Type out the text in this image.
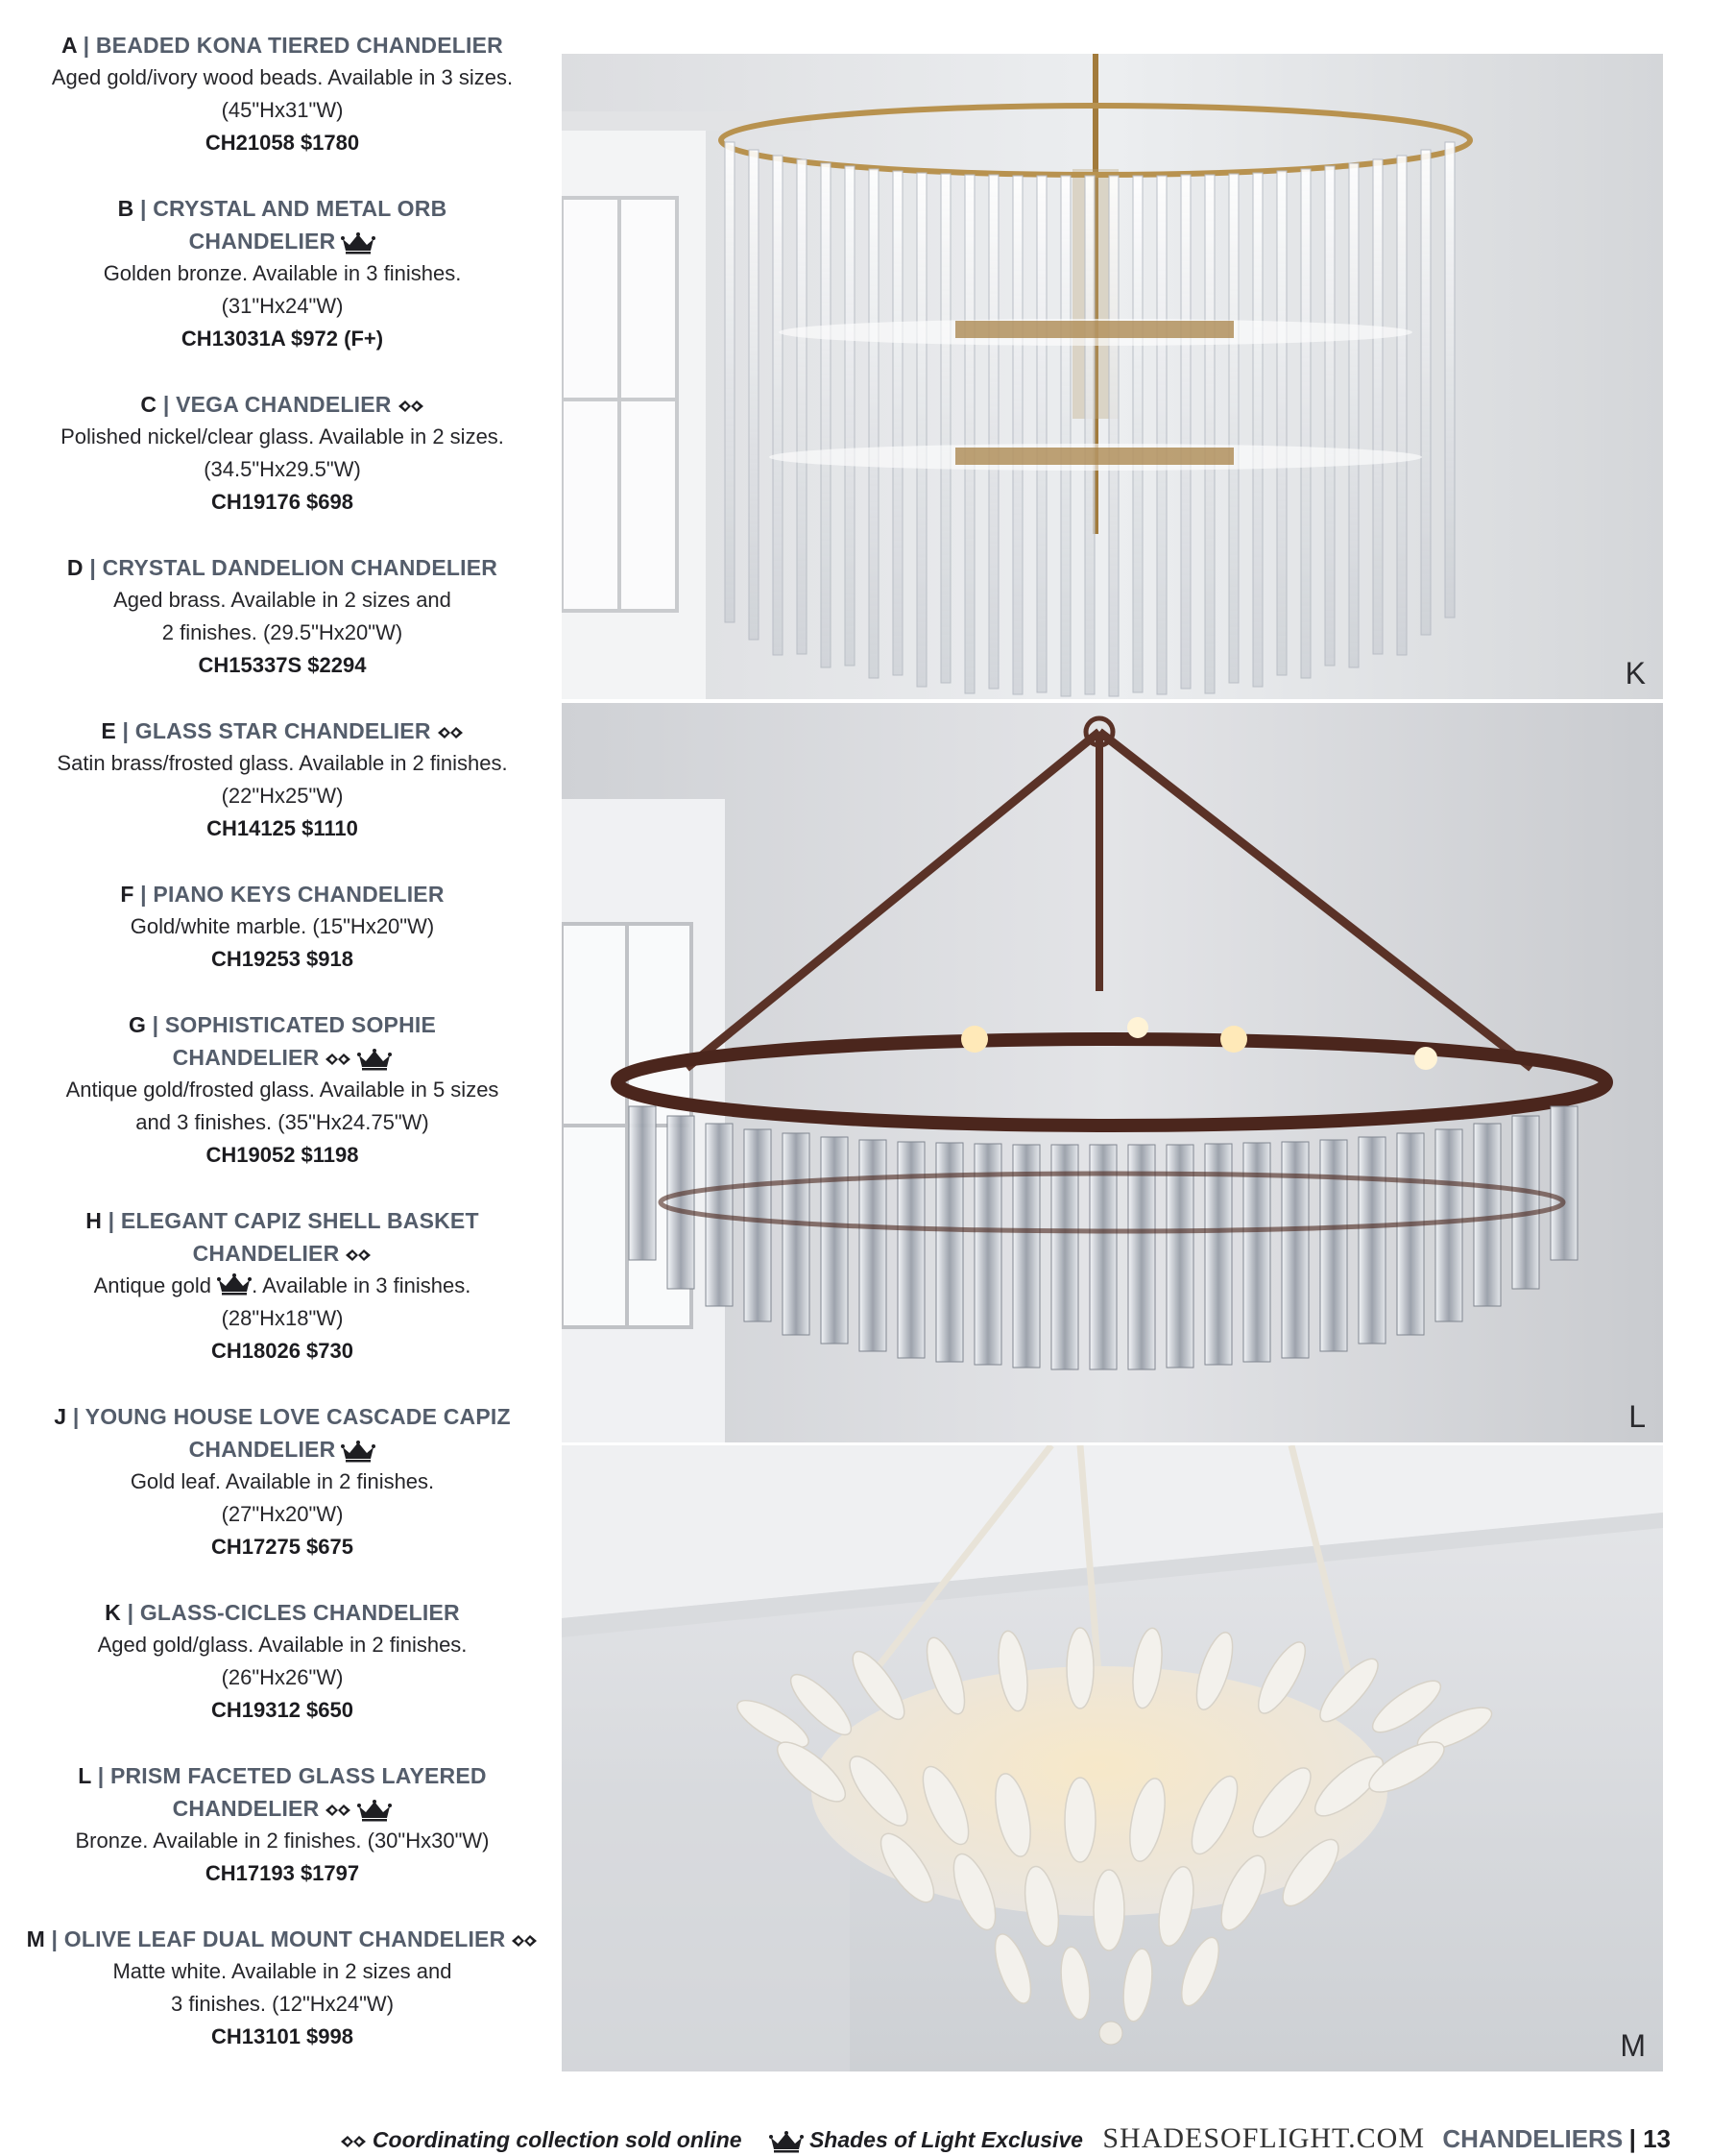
A | BEADED KONA TIERED CHANDELIER
Aged gold/ivory wood beads. Available in 3 sizes.
(45"Hx31"W)
CH21058 $1780
B | CRYSTAL AND METAL ORB
CHANDELIER
Golden bronze. Available in 3 finishes.
(31"Hx24"W)
CH13031A $972 (F+)
C | VEGA CHANDELIER
Polished nickel/clear glass. Available in 2 sizes.
(34.5"Hx29.5"W)
CH19176 $698
D | CRYSTAL DANDELION CHANDELIER
Aged brass. Available in 2 sizes and
2 finishes. (29.5"Hx20"W)
CH15337S $2294
E | GLASS STAR CHANDELIER
Satin brass/frosted glass. Available in 2 finishes.
(22"Hx25"W)
CH14125 $1110
F | PIANO KEYS CHANDELIER
Gold/white marble. (15"Hx20"W)
CH19253 $918
G | SOPHISTICATED SOPHIE
CHANDELIER
Antique gold/frosted glass. Available in 5 sizes
and 3 finishes. (35"Hx24.75"W)
CH19052 $1198
H | ELEGANT CAPIZ SHELL BASKET
CHANDELIER
Antique gold . Available in 3 finishes.
(28"Hx18"W)
CH18026 $730
J | YOUNG HOUSE LOVE CASCADE CAPIZ
CHANDELIER
Gold leaf. Available in 2 finishes.
(27"Hx20"W)
CH17275 $675
K | GLASS-CICLES CHANDELIER
Aged gold/glass. Available in 2 finishes.
(26"Hx26"W)
CH19312 $650
L | PRISM FACETED GLASS LAYERED
CHANDELIER
Bronze. Available in 2 finishes. (30"Hx30"W)
CH17193 $1797
M | OLIVE LEAF DUAL MOUNT CHANDELIER
Matte white. Available in 2 sizes and
3 finishes. (12"Hx24"W)
CH13101 $998
K
L
M
Coordinating collection sold online	Shades of Light Exclusive SHADESOFLIGHT.COM CHANDELIERS | 13
